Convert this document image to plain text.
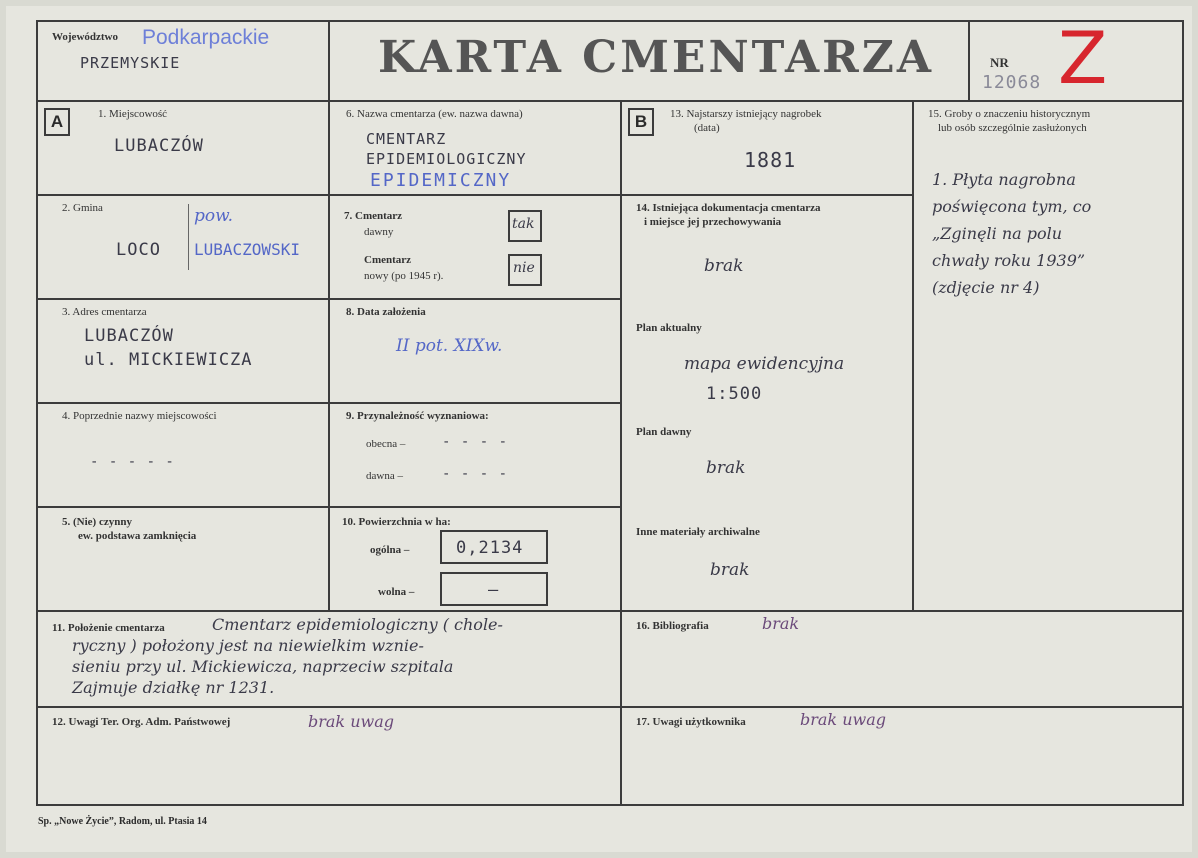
Województwo Podkarpackie
PRZEMYSKIE	KARTA CMENTARZA	NR
12068 Z
A	1. Miejscowość
LUBACZÓW
2. Gmina
LOCO
pow.
LUBACZOWSKI
3. Adres cmentarza
LUBACZÓW
ul. MICKIEWICZA
4. Poprzednie nazwy miejscowości
- - - - -
5. (Nie) czynny
ew. podstawa zamknięcia
6. Nazwa cmentarza (ew. nazwa dawna)
CMENTARZ
EPIDEMIOLOGICZNY
EPIDEMICZNY
7. Cmentarz
dawny	tak
Cmentarz
nowy (po 1945 r).	nie
8. Data założenia
II pot. XIXw.
9. Przynależność wyznaniowa:
obecna –	- - - -
dawna –	- - - -
10. Powierzchnia w ha:
ogólna –	0,2134
wolna –	–
B	13. Najstarszy istniejący nagrobek
(data)
1881
14. Istniejąca dokumentacja cmentarza
i miejsce jej przechowywania
brak
Plan aktualny
mapa ewidencyjna
1:500
Plan dawny
brak
Inne materiały archiwalne
brak
15. Groby o znaczeniu historycznym
lub osób szczególnie zasłużonych
1. Płyta nagrobna
poświęcona tym, co
„Zginęli na polu
chwały roku 1939”
(zdjęcie nr 4)
11. Położenie cmentarza	Cmentarz epidemiologiczny ( chole-
ryczny ) położony jest na niewielkim wznie-
sieniu przy ul. Mickiewicza, naprzeciw szpitala
Zajmuje działkę nr 1231.
16. Bibliografia	brak
12. Uwagi Ter. Org. Adm. Państwowej	brak uwag	17. Uwagi użytkownika	brak uwag
Sp. „Nowe Życie”, Radom, ul. Ptasia 14
